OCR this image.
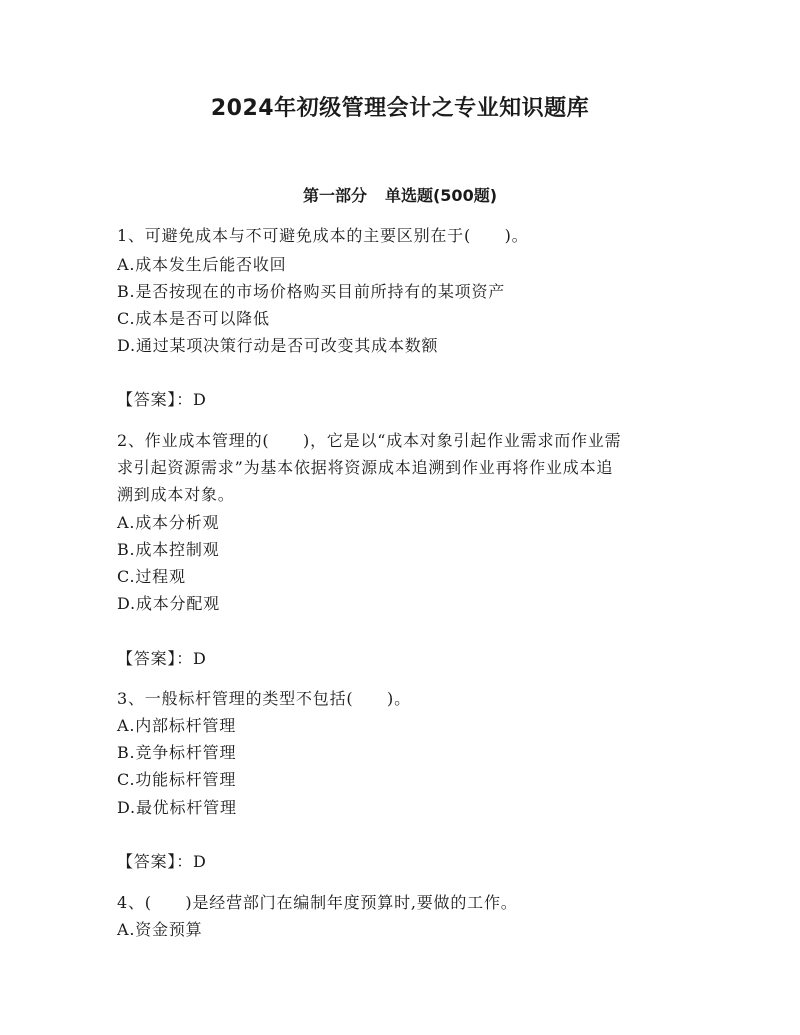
2024年初级管理会计之专业知识题库
第一部分 单选题(500题)
1、可避免成本与不可避免成本的主要区别在于(　　)。
A.成本发生后能否收回
B.是否按现在的市场价格购买目前所持有的某项资产
C.成本是否可以降低
D.通过某项决策行动是否可改变其成本数额
【答案】：D
2、作业成本管理的(　　)，它是以“成本对象引起作业需求而作业需
求引起资源需求”为基本依据将资源成本追溯到作业再将作业成本追
溯到成本对象。
A.成本分析观
B.成本控制观
C.过程观
D.成本分配观
【答案】：D
3、一般标杆管理的类型不包括(　　)。
A.内部标杆管理
B.竞争标杆管理
C.功能标杆管理
D.最优标杆管理
【答案】：D
4、(　　)是经营部门在编制年度预算时,要做的工作。
A.资金预算
